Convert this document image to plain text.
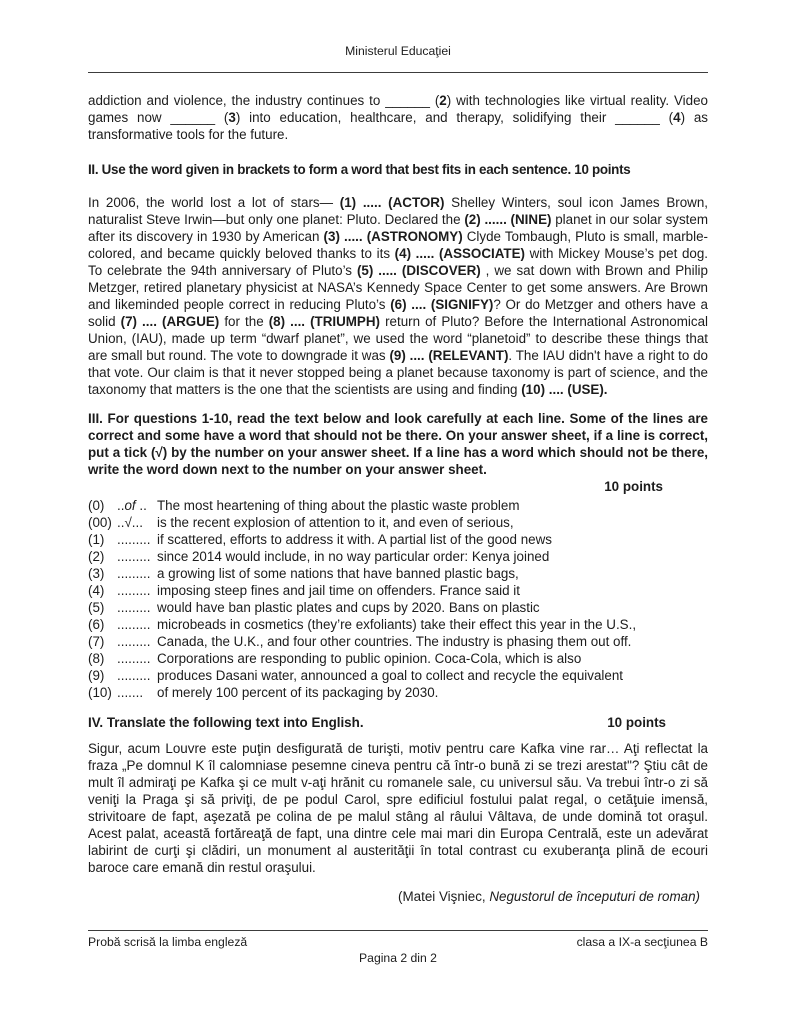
Ministerul Educaţiei

addiction and violence, the industry continues to ______ (2) with technologies like virtual reality. Video games now ______ (3) into education, healthcare, and therapy, solidifying their ______ (4) as transformative tools for the future.

II. Use the word given in brackets to form a word that best fits in each sentence. 10 points

In 2006, the world lost a lot of stars— (1) ..... (ACTOR) Shelley Winters, soul icon James Brown, naturalist Steve Irwin—but only one planet: Pluto. Declared the (2) ...... (NINE) planet in our solar system after its discovery in 1930 by American (3) ..... (ASTRONOMY) Clyde Tombaugh, Pluto is small, marble-colored, and became quickly beloved thanks to its (4) ..... (ASSOCIATE) with Mickey Mouse’s pet dog. To celebrate the 94th anniversary of Pluto’s (5) ..... (DISCOVER) , we sat down with Brown and Philip Metzger, retired planetary physicist at NASA’s Kennedy Space Center to get some answers. Are Brown and likeminded people correct in reducing Pluto’s (6) .... (SIGNIFY)? Or do Metzger and others have a solid (7) .... (ARGUE) for the (8) .... (TRIUMPH) return of Pluto? Before the International Astronomical Union, (IAU), made up term “dwarf planet”, we used the word “planetoid” to describe these things that are small but round. The vote to downgrade it was (9) .... (RELEVANT). The IAU didn't have a right to do that vote. Our claim is that it never stopped being a planet because taxonomy is part of science, and the taxonomy that matters is the one that the scientists are using and finding (10) .... (USE).

III. For questions 1-10, read the text below and look carefully at each line. Some of the lines are correct and some have a word that should not be there. On your answer sheet, if a line is correct, put a tick (√) by the number on your answer sheet. If a line has a word which should not be there, write the word down next to the number on your answer sheet.

10 points
(0) ..of .. The most heartening of thing about the plastic waste problem
(00) ..√...	is the recent explosion of attention to it, and even of serious,
(1) ......... if scattered, efforts to address it with. A partial list of the good news
(2) ......... since 2014 would include, in no way particular order: Kenya joined
(3) ......... a growing list of some nations that have banned plastic bags,
(4) ......... imposing steep fines and jail time on offenders. France said it
(5) ......... would have ban plastic plates and cups by 2020. Bans on plastic
(6) ......... microbeads in cosmetics (they’re exfoliants) take their effect this year in the U.S.,
(7) ......... Canada, the U.K., and four other countries. The industry is phasing them out off.
(8) ......... Corporations are responding to public opinion. Coca-Cola, which is also
(9) ......... produces Dasani water, announced a goal to collect and recycle the equivalent
(10) .......	of merely 100 percent of its packaging by 2030.
IV. Translate the following text into English.	10 points

Sigur, acum Louvre este puţin desfigurată de turişti, motiv pentru care Kafka vine rar… Aţi reflectat la fraza „Pe domnul K îl calomniase pesemne cineva pentru că într-o bună zi se trezi arestat"? Ştiu cât de mult îl admiraţi pe Kafka şi ce mult v-aţi hrănit cu romanele sale, cu universul său. Va trebui într-o zi să veniţi la Praga şi să priviţi, de pe podul Carol, spre edificiul fostului palat regal, o cetăţuie imensă, strivitoare de fapt, aşezată pe colina de pe malul stâng al râului Vâltava, de unde domină tot oraşul. Acest palat, această fortăreaţă de fapt, una dintre cele mai mari din Europa Centrală, este un adevărat labirint de curţi şi clădiri, un monument al austerităţii în total contrast cu exuberanţa plină de ecouri baroce care emană din restul oraşului.

(Matei Vişniec, Negustorul de începuturi de roman)

Probă scrisă la limba engleză	clasa a IX-a secţiunea B
Pagina 2 din 2
